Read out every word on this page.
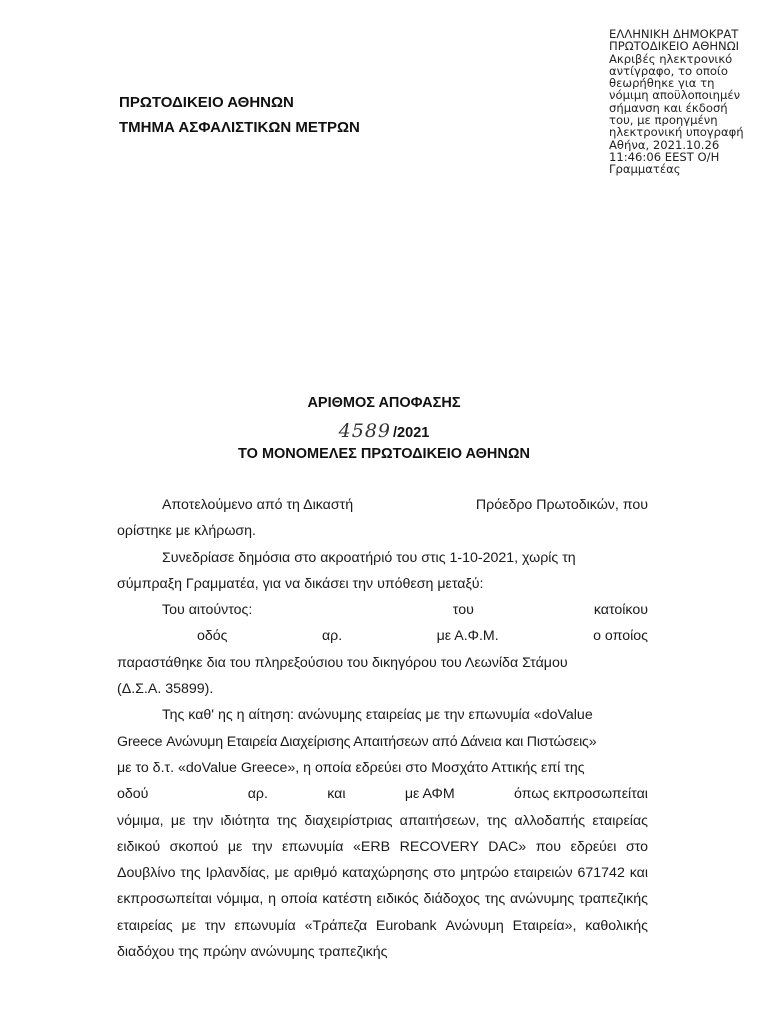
ΕΛΛΗΝΙΚΗ ΔΗΜΟΚΡΑΤ
ΠΡΩΤΟΔΙΚΕΙΟ ΑΘΗΝΩΙ
Ακριβές ηλεκτρονικό
αντίγραφο, το οποίο
θεωρήθηκε για τη
νόμιμη αποϋλοποιημέν
σήμανση και έκδοσή
του, με προηγμένη
ηλεκτρονική υπογραφή
Αθήνα, 2021.10.26
11:46:06 EEST Ο/Η
Γραμματέας
ΠΡΩΤΟΔΙΚΕΙΟ ΑΘΗΝΩΝ
ΤΜΗΜΑ ΑΣΦΑΛΙΣΤΙΚΩΝ ΜΕΤΡΩΝ
ΑΡΙΘΜΟΣ ΑΠΟΦΑΣΗΣ
4589 /2021
ΤΟ ΜΟΝΟΜΕΛΕΣ ΠΡΩΤΟΔΙΚΕΙΟ ΑΘΗΝΩΝ
Αποτελούμενο από τη Δικαστή	Πρόεδρο Πρωτοδικών, που

ορίστηκε με κλήρωση.

Συνεδρίασε δημόσια στο ακροατήριό του στις 1-10-2021, χωρίς τη

σύμπραξη Γραμματέα, για να δικάσει την υπόθεση μεταξύ:

Του αιτούντος:	του	κατοίκου
οδός	αρ.	με Α.Φ.Μ.	ο οποίος

παραστάθηκε δια του πληρεξούσιου του δικηγόρου του Λεωνίδα Στάμου

(Δ.Σ.Α. 35899).

Της καθ' ης η αίτηση: ανώνυμης εταιρείας με την επωνυμία «doValue

Greece Ανώνυμη Εταιρεία Διαχείρισης Απαιτήσεων από Δάνεια και Πιστώσεις»

με το δ.τ. «doValue Greece», η οποία εδρεύει στο Μοσχάτο Αττικής επί της

οδού	αρ.	και	με ΑΦΜ	όπως εκπροσωπείται

νόμιμα, με την ιδιότητα της διαχειρίστριας απαιτήσεων, της αλλοδαπής εταιρείας ειδικού σκοπού με την επωνυμία «ERB RECOVERY DAC» που εδρεύει στο Δουβλίνο της Ιρλανδίας, με αριθμό καταχώρησης στο μητρώο εταιρειών 671742 και εκπροσωπείται νόμιμα, η οποία κατέστη ειδικός διάδοχος της ανώνυμης τραπεζικής εταιρείας με την επωνυμία «Τράπεζα Eurobank Ανώνυμη Εταιρεία», καθολικής διαδόχου της πρώην ανώνυμης τραπεζικής
